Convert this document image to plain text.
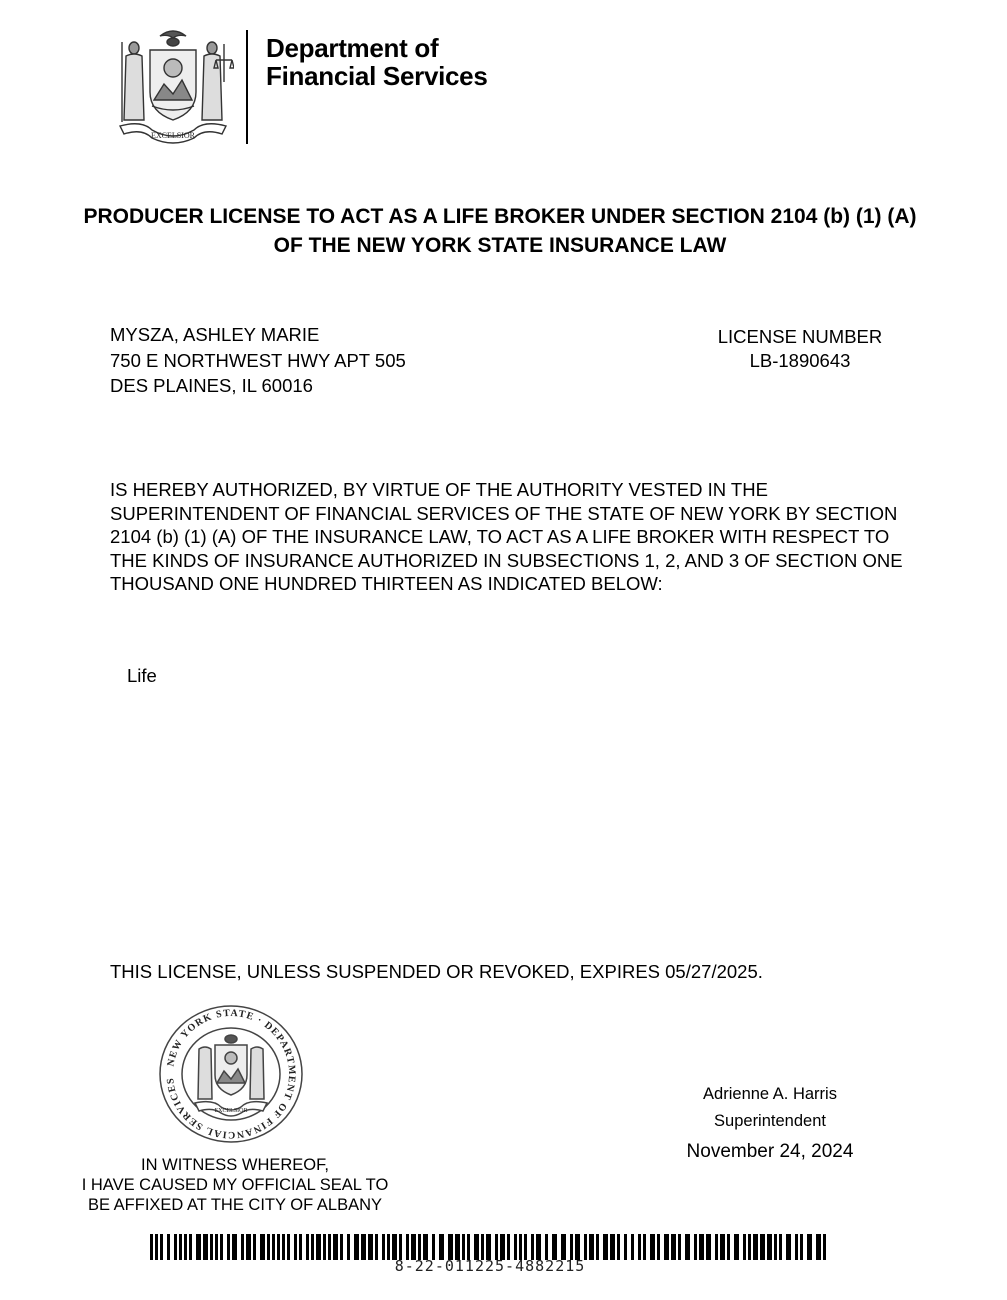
EXCELSIOR
Department of
Financial Services
PRODUCER LICENSE TO ACT AS A LIFE BROKER UNDER SECTION 2104 (b) (1) (A)
OF THE NEW YORK STATE INSURANCE LAW
MYSZA, ASHLEY MARIE
750 E NORTHWEST HWY APT 505
DES PLAINES, IL 60016
LICENSE NUMBER
LB-1890643
IS HEREBY AUTHORIZED, BY VIRTUE OF THE AUTHORITY VESTED IN THE
SUPERINTENDENT OF FINANCIAL SERVICES OF THE STATE OF NEW YORK BY SECTION
2104 (b) (1) (A) OF THE INSURANCE LAW, TO ACT AS A LIFE BROKER WITH RESPECT TO
THE KINDS OF INSURANCE AUTHORIZED IN SUBSECTIONS 1, 2, AND 3 OF SECTION ONE
THOUSAND ONE HUNDRED THIRTEEN AS INDICATED BELOW:
Life
THIS LICENSE, UNLESS SUSPENDED OR REVOKED, EXPIRES 05/27/2025.
NEW YORK STATE · DEPARTMENT OF FINANCIAL SERVICES
EXCELSIOR
IN WITNESS WHEREOF,
I HAVE CAUSED MY OFFICIAL SEAL TO
BE AFFIXED AT THE CITY OF ALBANY
Adrienne A. Harris
Superintendent
November 24, 2024
8-22-011225-4882215
